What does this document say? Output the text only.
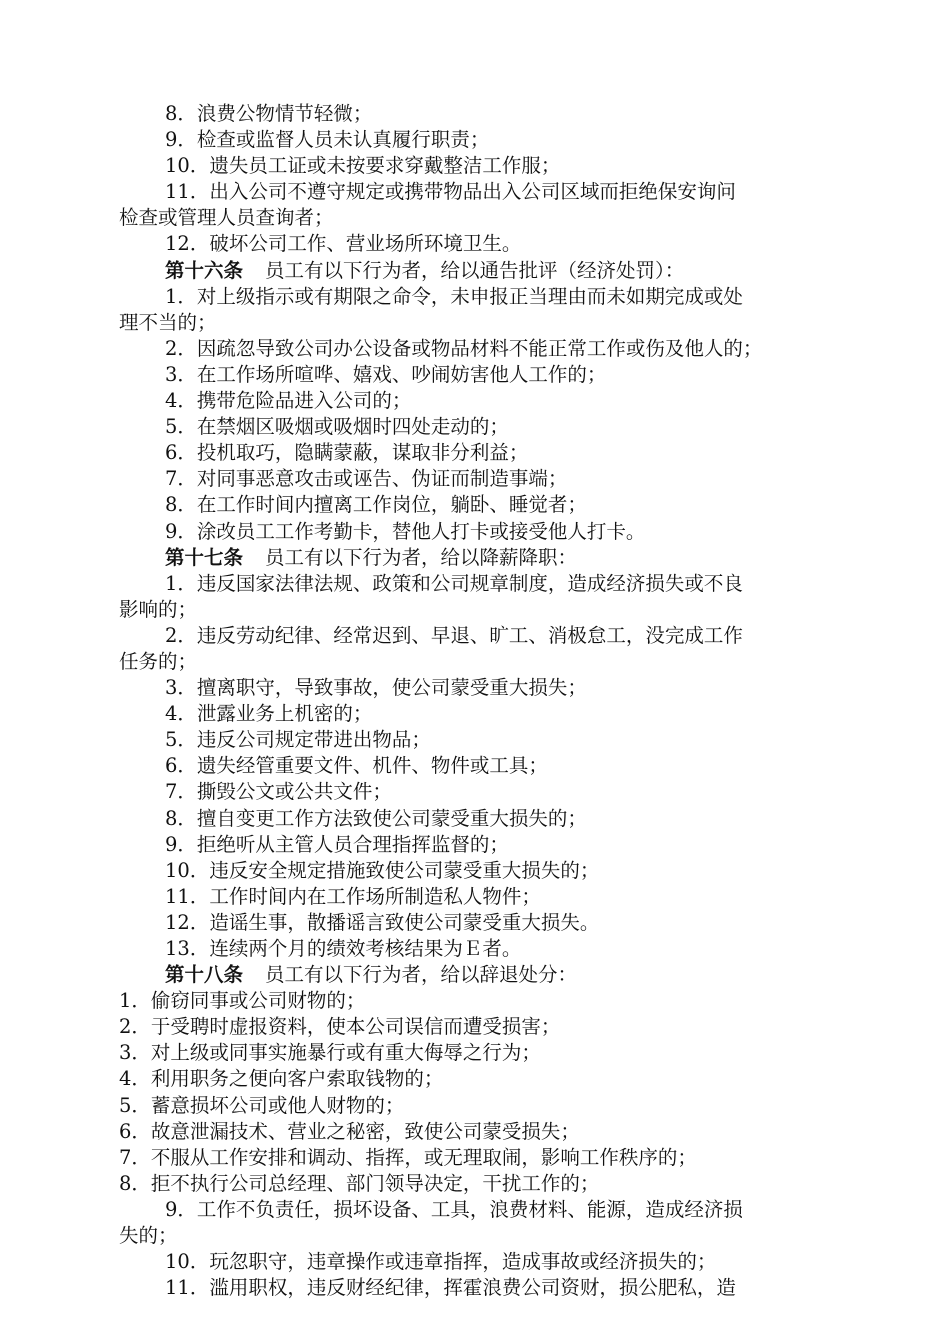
8．浪费公物情节轻微；
9．检查或监督人员未认真履行职责；
10．遗失员工证或未按要求穿戴整洁工作服；
11．出入公司不遵守规定或携带物品出入公司区域而拒绝保安询问
检查或管理人员查询者；
12．破坏公司工作、营业场所环境卫生。
第十六条 员工有以下行为者，给以通告批评（经济处罚）：
1．对上级指示或有期限之命令，未申报正当理由而未如期完成或处
理不当的；
2．因疏忽导致公司办公设备或物品材料不能正常工作或伤及他人的；
3．在工作场所喧哗、嬉戏、吵闹妨害他人工作的；
4．携带危险品进入公司的；
5．在禁烟区吸烟或吸烟时四处走动的；
6．投机取巧，隐瞒蒙蔽，谋取非分利益；
7．对同事恶意攻击或诬告、伪证而制造事端；
8．在工作时间内擅离工作岗位，躺卧、睡觉者；
9．涂改员工工作考勤卡，替他人打卡或接受他人打卡。
第十七条 员工有以下行为者，给以降薪降职：
1．违反国家法律法规、政策和公司规章制度，造成经济损失或不良
影响的；
2．违反劳动纪律、经常迟到、早退、旷工、消极怠工，没完成工作
任务的；
3．擅离职守，导致事故，使公司蒙受重大损失；
4．泄露业务上机密的；
5．违反公司规定带进出物品；
6．遗失经管重要文件、机件、物件或工具；
7．撕毁公文或公共文件；
8．擅自变更工作方法致使公司蒙受重大损失的；
9．拒绝听从主管人员合理指挥监督的；
10．违反安全规定措施致使公司蒙受重大损失的；
11．工作时间内在工作场所制造私人物件；
12．造谣生事，散播谣言致使公司蒙受重大损失。
13．连续两个月的绩效考核结果为Ｅ者。
第十八条 员工有以下行为者，给以辞退处分：
1．偷窃同事或公司财物的；
2．于受聘时虚报资料，使本公司误信而遭受损害；
3．对上级或同事实施暴行或有重大侮辱之行为；
4．利用职务之便向客户索取钱物的；
5．蓄意损坏公司或他人财物的；
6．故意泄漏技术、营业之秘密，致使公司蒙受损失；
7．不服从工作安排和调动、指挥，或无理取闹，影响工作秩序的；
8．拒不执行公司总经理、部门领导决定，干扰工作的；
9．工作不负责任，损坏设备、工具，浪费材料、能源，造成经济损
失的；
10．玩忽职守，违章操作或违章指挥，造成事故或经济损失的；
11．滥用职权，违反财经纪律，挥霍浪费公司资财，损公肥私，造
